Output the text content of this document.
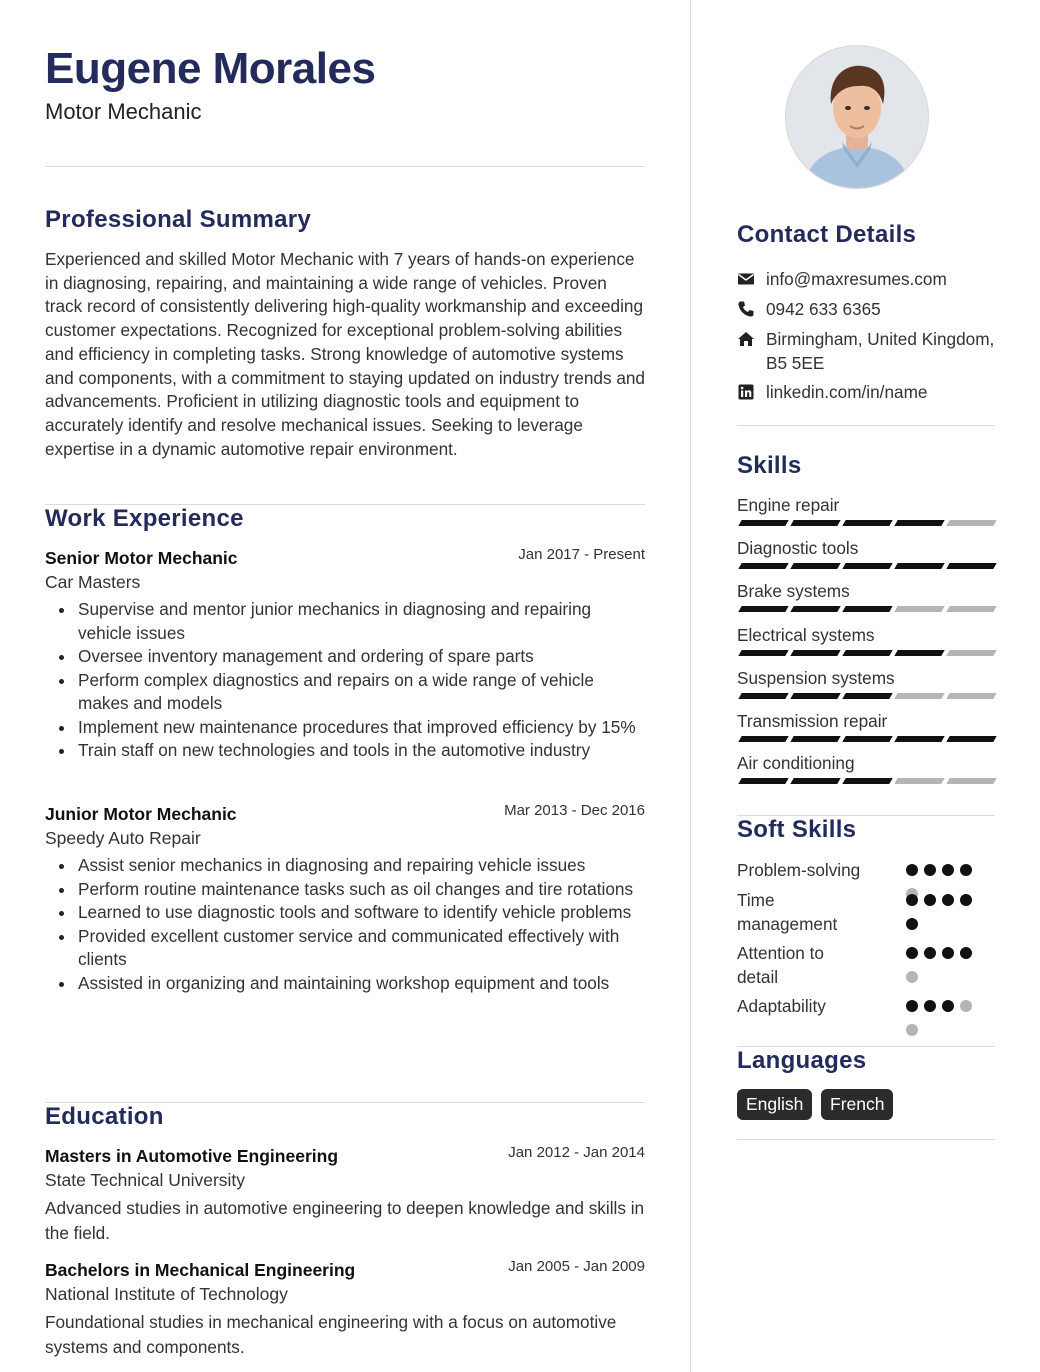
Eugene Morales
Motor Mechanic
Professional Summary

Experienced and skilled Motor Mechanic with 7 years of hands-on experience in diagnosing, repairing, and maintaining a wide range of vehicles. Proven track record of consistently delivering high-quality workmanship and exceeding customer expectations. Recognized for exceptional problem-solving abilities and efficiency in completing tasks. Strong knowledge of automotive systems and components, with a commitment to staying updated on industry trends and advancements. Proficient in utilizing diagnostic tools and equipment to accurately identify and resolve mechanical issues. Seeking to leverage expertise in a dynamic automotive repair environment.

Work Experience
Senior Motor Mechanic	Jan 2017 - Present
Car Masters
Supervise and mentor junior mechanics in diagnosing and repairing vehicle issues
Oversee inventory management and ordering of spare parts
Perform complex diagnostics and repairs on a wide range of vehicle makes and models
Implement new maintenance procedures that improved efficiency by 15%
Train staff on new technologies and tools in the automotive industry
Junior Motor Mechanic	Mar 2013 - Dec 2016
Speedy Auto Repair
Assist senior mechanics in diagnosing and repairing vehicle issues
Perform routine maintenance tasks such as oil changes and tire rotations
Learned to use diagnostic tools and software to identify vehicle problems
Provided excellent customer service and communicated effectively with clients
Assisted in organizing and maintaining workshop equipment and tools
Education
Masters in Automotive Engineering	Jan 2012 - Jan 2014
State Technical University

Advanced studies in automotive engineering to deepen knowledge and skills in the field.

Bachelors in Mechanical Engineering	Jan 2005 - Jan 2009
National Institute of Technology

Foundational studies in mechanical engineering with a focus on automotive systems and components.

Contact Details
info@maxresumes.com
0942 633 6365
Birmingham, United Kingdom, B5 5EE
linkedin.com/in/name
Skills
Engine repair
Diagnostic tools
Brake systems
Electrical systems
Suspension systems
Transmission repair
Air conditioning
Soft Skills
Problem-solving
Time management
Attention to detail
Adaptability
Languages
English	French
